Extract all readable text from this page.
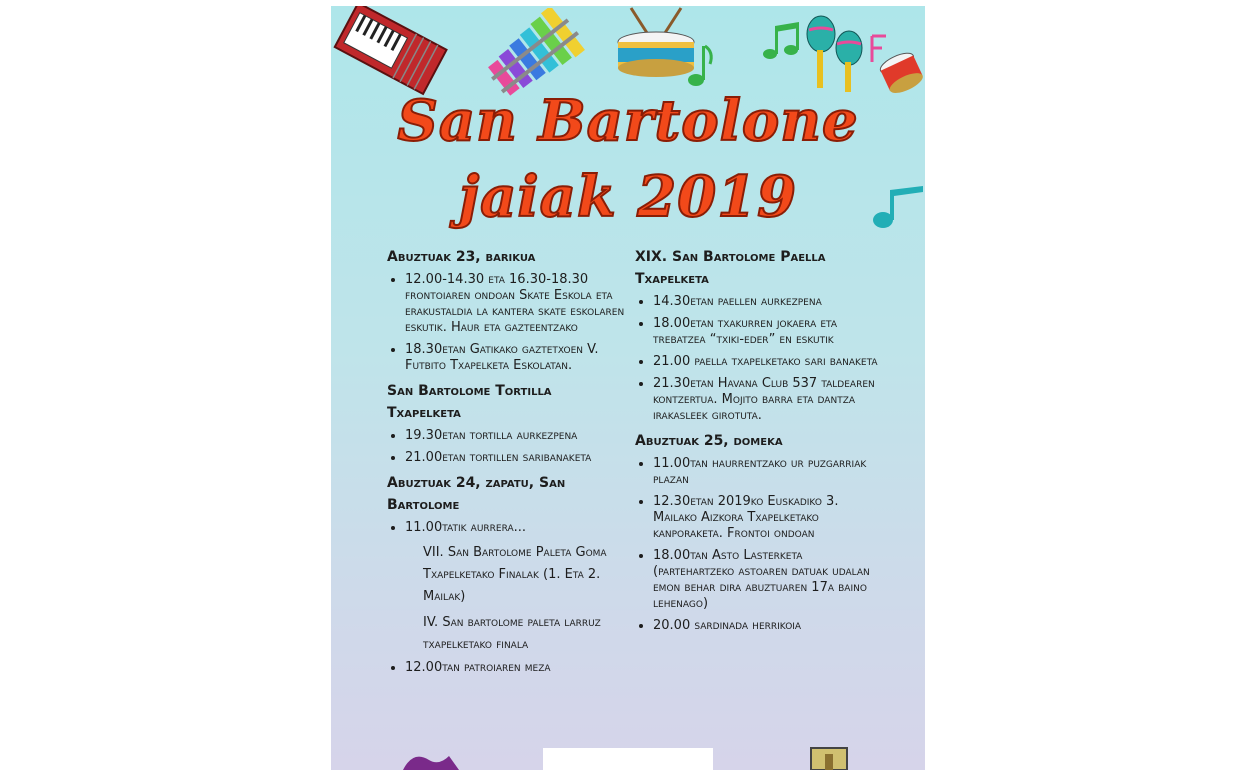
San Bartolone
jaiak 2019
Abuztuak 23, barikua
• 12.00-14.30 eta 16.30-18.30 frontoiaren ondoan Skate Eskola eta erakustaldia la kantera skate eskolaren eskutik. Haur eta gazteentzako
• 18.30etan Gatikako gaztetxoen V. Futbito Txapelketa Eskolatan.
San Bartolome Tortilla Txapelketa
• 19.30etan tortilla aurkezpena
• 21.00etan tortillen saribanaketa
Abuztuak 24, zapatu, San Bartolome
• 11.00tatik aurrera...
VII. San Bartolome Paleta Goma Txapelketako Finalak (1. Eta 2. Mailak)
IV. San bartolome paleta larruz txapelketako finala
• 12.00tan patroiaren meza
XIX. San Bartolome Paella Txapelketa
• 14.30etan paellen aurkezpena
• 18.00etan txakurren jokaera eta trebatzea “txiki-eder” en eskutik
• 21.00 paella txapelketako sari banaketa
• 21.30etan Havana Club 537 taldearen kontzertua. Mojito barra eta dantza irakasleek girotuta.
Abuztuak 25, domeka
• 11.00tan haurrentzako ur puzgarriak plazan
• 12.30etan 2019ko Euskadiko 3. Mailako Aizkora Txapelketako kanporaketa. Frontoi ondoan
• 18.00tan Asto Lasterketa (partehartzeko astoaren datuak udalan emon behar dira abuztuaren 17a baino lehenago)
• 20.00 sardinada herrikoia
